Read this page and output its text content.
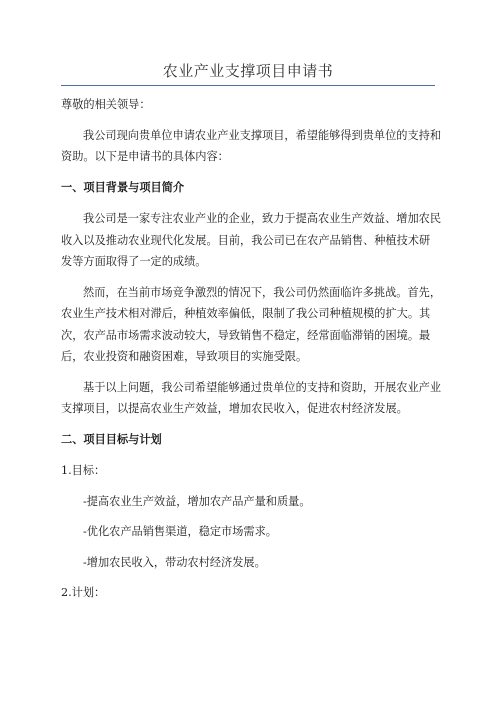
农业产业支撑项目申请书

尊敬的相关领导：

我公司现向贵单位申请农业产业支撑项目，希望能够得到贵单位的支持和资助。以下是申请书的具体内容：

一、项目背景与项目简介

我公司是一家专注农业产业的企业，致力于提高农业生产效益、增加农民收入以及推动农业现代化发展。目前，我公司已在农产品销售、种植技术研发等方面取得了一定的成绩。

然而，在当前市场竞争激烈的情况下，我公司仍然面临许多挑战。首先，农业生产技术相对滞后，种植效率偏低，限制了我公司种植规模的扩大。其次，农产品市场需求波动较大，导致销售不稳定，经常面临滞销的困境。最后，农业投资和融资困难，导致项目的实施受限。

基于以上问题，我公司希望能够通过贵单位的支持和资助，开展农业产业支撑项目，以提高农业生产效益，增加农民收入，促进农村经济发展。

二、项目目标与计划

1.目标：

-提高农业生产效益，增加农产品产量和质量。

-优化农产品销售渠道，稳定市场需求。

-增加农民收入，带动农村经济发展。

2.计划：
